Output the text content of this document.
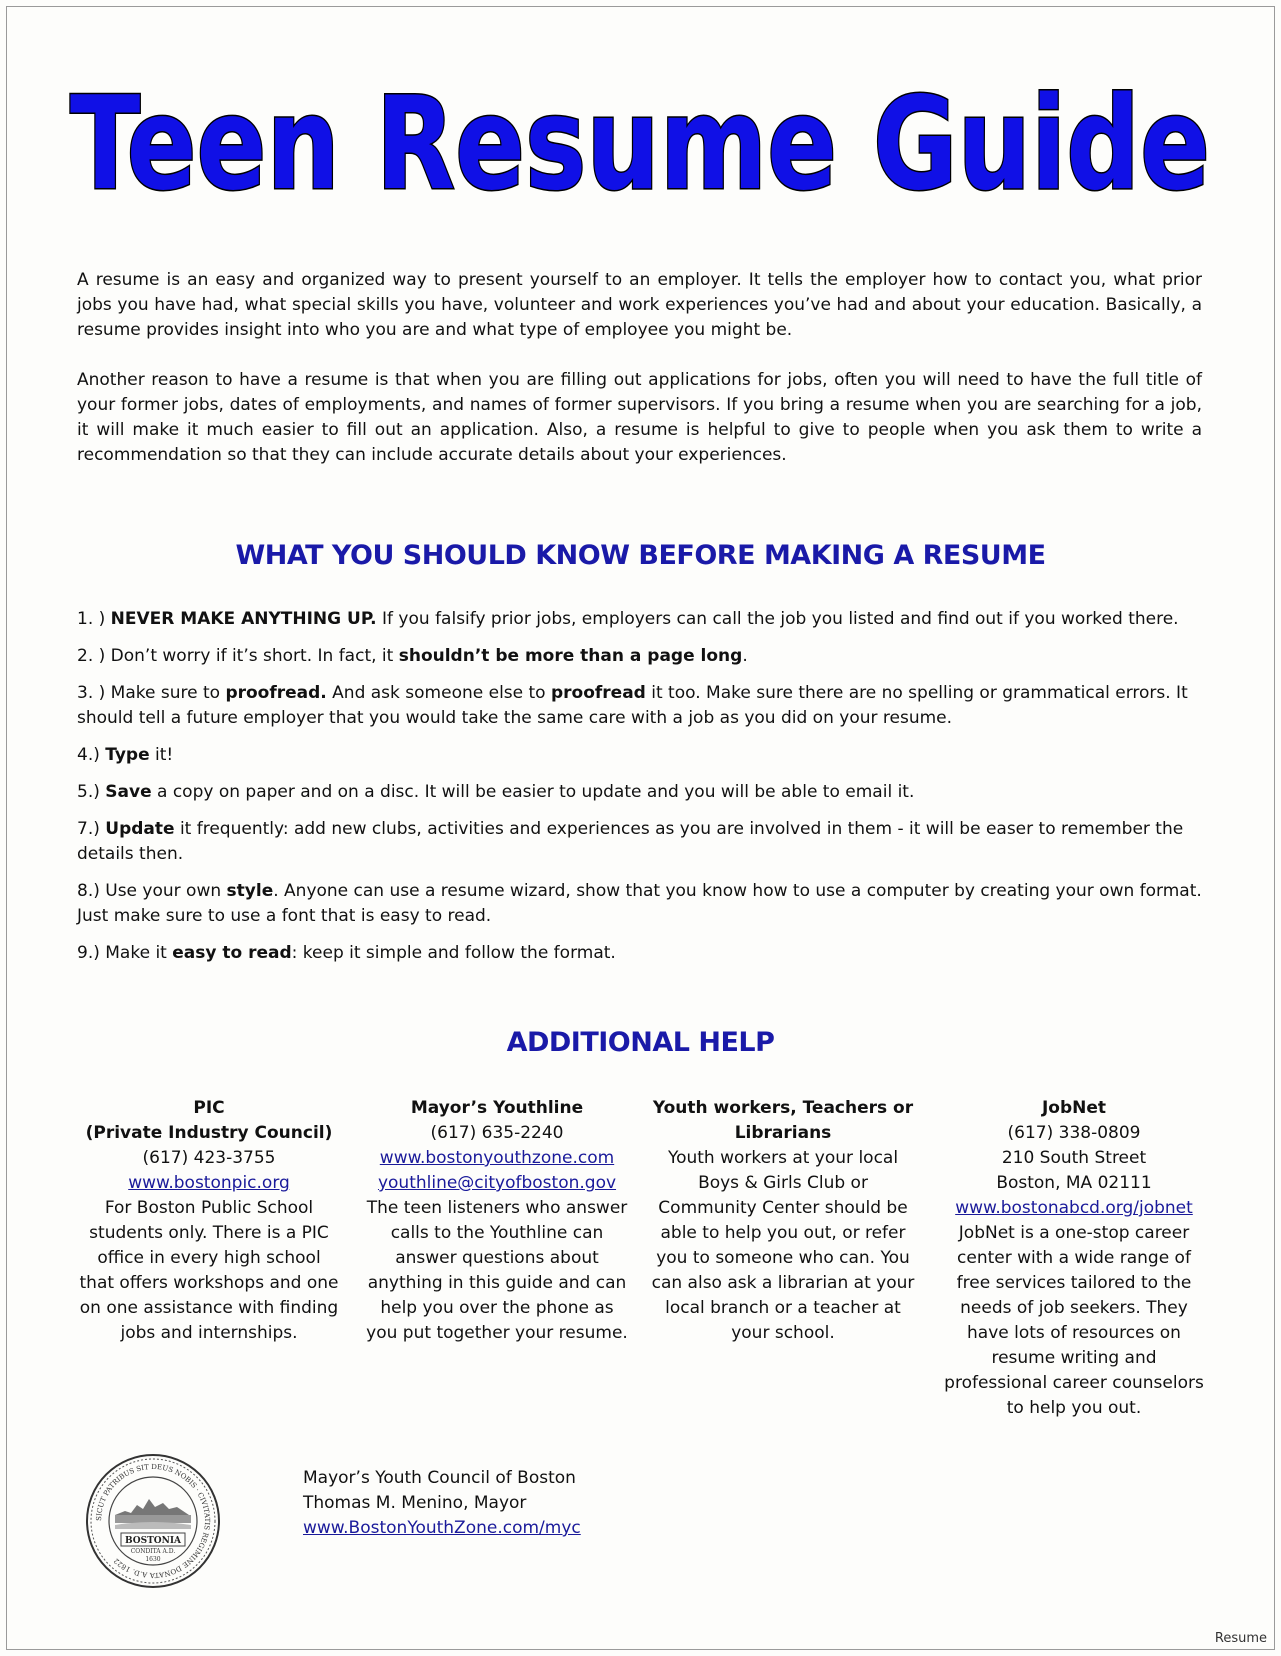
Teen Resume Guide

A resume is an easy and organized way to present yourself to an employer. It tells the employer how to contact you, what prior jobs you have had, what special skills you have, volunteer and work experiences you’ve had and about your education. Basically, a resume provides insight into who you are and what type of employee you might be.

Another reason to have a resume is that when you are filling out applications for jobs, often you will need to have the full title of your former jobs, dates of employments, and names of former supervisors. If you bring a resume when you are searching for a job, it will make it much easier to fill out an application. Also, a resume is helpful to give to people when you ask them to write a recommendation so that they can include accurate details about your experiences.

WHAT YOU SHOULD KNOW BEFORE MAKING A RESUME

1. ) NEVER MAKE ANYTHING UP. If you falsify prior jobs, employers can call the job you listed and find out if you worked there.

2. ) Don’t worry if it’s short. In fact, it shouldn’t be more than a page long.

3. ) Make sure to proofread. And ask someone else to proofread it too. Make sure there are no spelling or grammatical errors. It should tell a future employer that you would take the same care with a job as you did on your resume.

4.) Type it!

5.) Save a copy on paper and on a disc. It will be easier to update and you will be able to email it.

7.) Update it frequently: add new clubs, activities and experiences as you are involved in them - it will be easer to remember the details then.

8.) Use your own style. Anyone can use a resume wizard, show that you know how to use a computer by creating your own format. Just make sure to use a font that is easy to read.

9.) Make it easy to read: keep it simple and follow the format.

ADDITIONAL HELP
PIC
(Private Industry Council)
(617) 423-3755
www.bostonpic.org
For Boston Public School students only. There is a PIC office in every high school that offers workshops and one on one assistance with finding jobs and internships.
Mayor’s Youthline
(617) 635-2240
www.bostonyouthzone.com
youthline@cityofboston.gov
The teen listeners who answer calls to the Youthline can answer questions about anything in this guide and can help you over the phone as you put together your resume.
Youth workers, Teachers or Librarians
Youth workers at your local Boys & Girls Club or Community Center should be able to help you out, or refer you to someone who can. You can also ask a librarian at your local branch or a teacher at your school.
JobNet
(617) 338-0809
210 South Street
Boston, MA 02111
www.bostonabcd.org/jobnet
JobNet is a one-stop career center with a wide range of free services tailored to the needs of job seekers. They have lots of resources on resume writing and professional career counselors to help you out.
SICUT PATRIBUS SIT DEUS NOBIS · CIVITATIS REGIMINE DONATA A.D. 1822
BOSTONIA
CONDITA A.D.
1630
Mayor’s Youth Council of Boston
Thomas M. Menino, Mayor
www.BostonYouthZone.com/myc
Resume
